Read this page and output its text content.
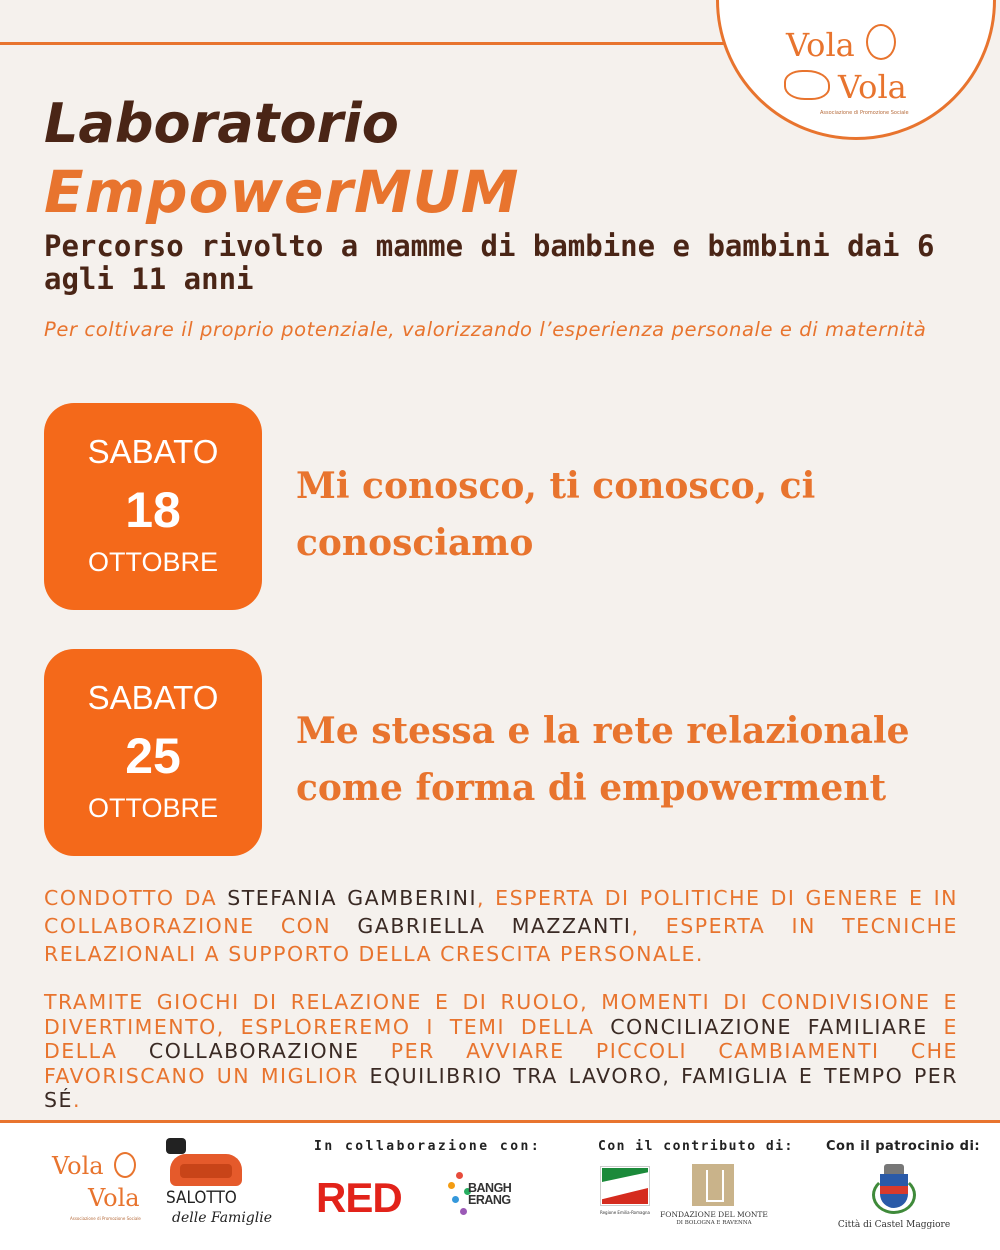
Vola
Vola
Associazione di Promozione Sociale
Laboratorio
EmpowerMUM
Percorso rivolto a mamme di bambine e bambini dai 6 agli 11 anni
Per coltivare il proprio potenziale, valorizzando l’esperienza personale e di maternità
SABATO
18
OTTOBRE
Mi conosco, ti conosco, ci conosciamo
SABATO
25
OTTOBRE
Me stessa e la rete relazionale come forma di empowerment

CONDOTTO DA STEFANIA GAMBERINI, ESPERTA DI POLITICHE DI GENERE E IN COLLABORAZIONE CON GABRIELLA MAZZANTI, ESPERTA IN TECNICHE RELAZIONALI A SUPPORTO DELLA CRESCITA PERSONALE.

TRAMITE GIOCHI DI RELAZIONE E DI RUOLO, MOMENTI DI CONDIVISIONE E DIVERTIMENTO, ESPLOREREMO I TEMI DELLA CONCILIAZIONE FAMILIARE E DELLA COLLABORAZIONE PER AVVIARE PICCOLI CAMBIAMENTI CHE FAVORISCANO UN MIGLIOR EQUILIBRIO TRA LAVORO, FAMIGLIA E TEMPO PER SÉ.

In collaborazione con:	Con il contributo di: Con il patrocinio di:
Vola
Vola
Associazione di Promozione Sociale
SALOTTO
delle Famiglie RED	BANGH ERANG
Regione Emilia-Romagna	FONDAZIONE DEL MONTE
DI BOLOGNA E RAVENNA	Città di Castel Maggiore
